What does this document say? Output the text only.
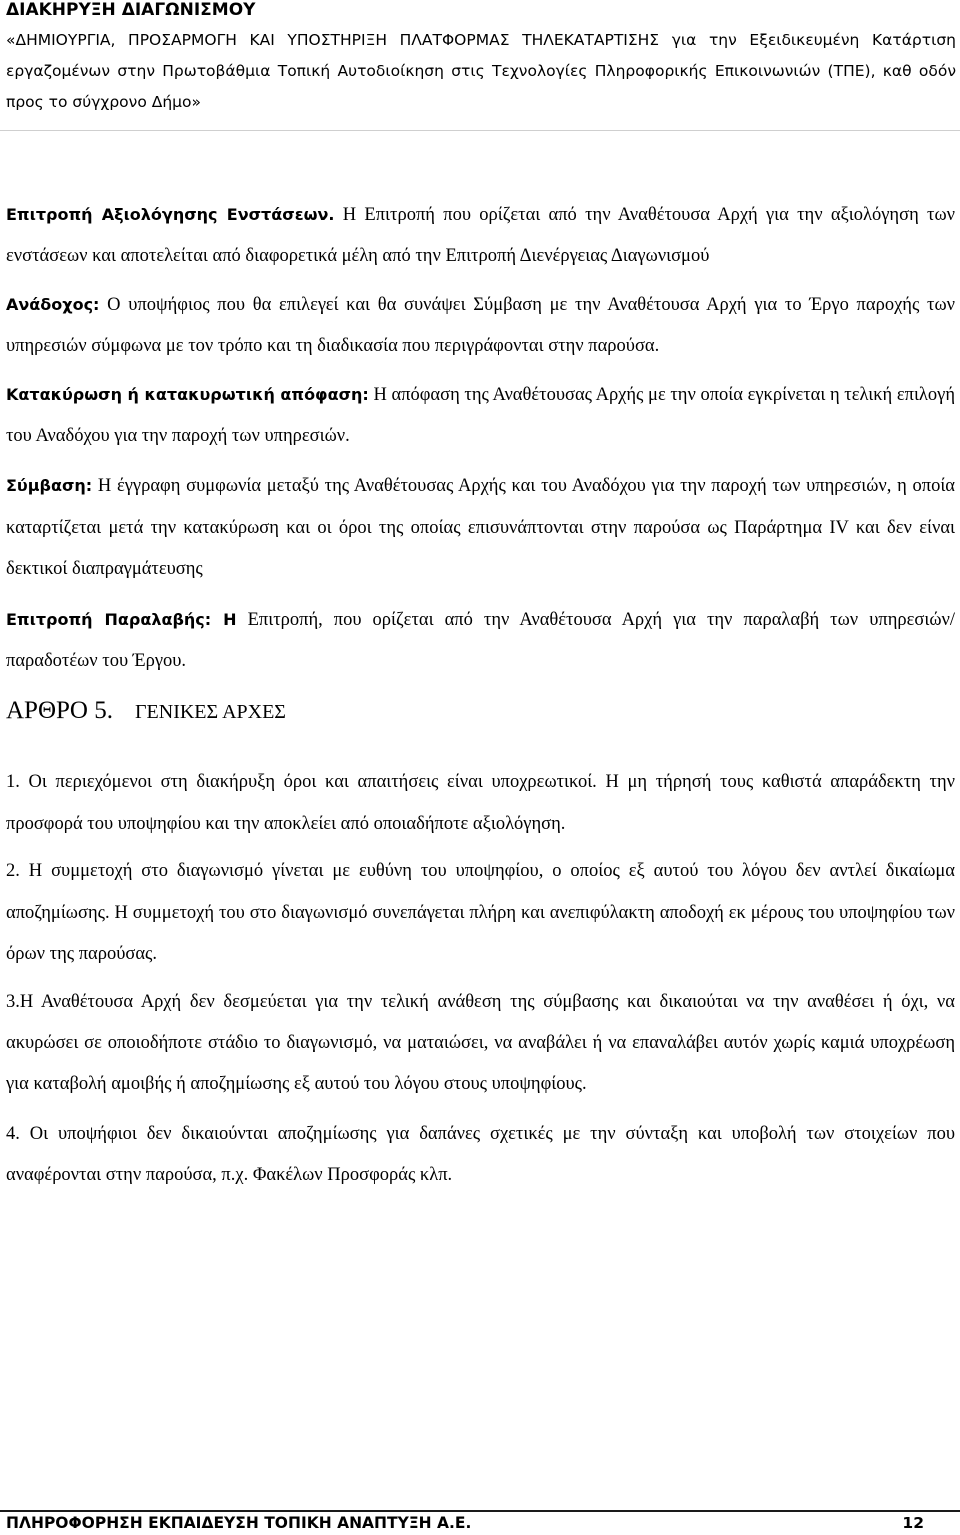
ΔΙΑΚΗΡΥΞΗ ΔΙΑΓΩΝΙΣΜΟΥ
«ΔΗΜΙΟΥΡΓΙΑ, ΠΡΟΣΑΡΜΟΓΗ ΚΑΙ ΥΠΟΣΤΗΡΙΞΗ ΠΛΑΤΦΟΡΜΑΣ ΤΗΛΕΚΑΤΑΡΤΙΣΗΣ για την Εξειδικευμένη Κατάρτιση εργαζομένων στην Πρωτοβάθμια Τοπική Αυτοδιοίκηση στις Τεχνολογίες Πληροφορικής Επικοινωνιών (ΤΠΕ), καθ οδόν προς το σύγχρονο Δήμο»

Επιτροπή Αξιολόγησης Ενστάσεων. Η Επιτροπή που ορίζεται από την Αναθέτουσα Αρχή για την αξιολόγηση των ενστάσεων και αποτελείται από διαφορετικά μέλη από την Επιτροπή Διενέργειας Διαγωνισμού

Ανάδοχος: Ο υποψήφιος που θα επιλεγεί και θα συνάψει Σύμβαση με την Αναθέτουσα Αρχή για το Έργο παροχής των υπηρεσιών σύμφωνα με τον τρόπο και τη διαδικασία που περιγράφονται στην παρούσα.

Κατακύρωση ή κατακυρωτική απόφαση: Η απόφαση της Αναθέτουσας Αρχής με την οποία εγκρίνεται η τελική επιλογή του Αναδόχου για την παροχή των υπηρεσιών.

Σύμβαση: Η έγγραφη συμφωνία μεταξύ της Αναθέτουσας Αρχής και του Αναδόχου για την παροχή των υπηρεσιών, η οποία καταρτίζεται μετά την κατακύρωση και οι όροι της οποίας επισυνάπτονται στην παρούσα ως Παράρτημα IV και δεν είναι δεκτικοί διαπραγμάτευσης

Επιτροπή Παραλαβής: Η Επιτροπή, που ορίζεται από την Αναθέτουσα Αρχή για την παραλαβή των υπηρεσιών/παραδοτέων του Έργου.

ΑΡΘΡΟ 5. ΓΕΝΙΚΕΣ ΑΡΧΕΣ

1. Οι περιεχόμενοι στη διακήρυξη όροι και απαιτήσεις είναι υποχρεωτικοί. Η μη τήρησή τους καθιστά απαράδεκτη την προσφορά του υποψηφίου και την αποκλείει από οποιαδήποτε αξιολόγηση.

2. Η συμμετοχή στο διαγωνισμό γίνεται με ευθύνη του υποψηφίου, ο οποίος εξ αυτού του λόγου δεν αντλεί δικαίωμα αποζημίωσης. Η συμμετοχή του στο διαγωνισμό συνεπάγεται πλήρη και ανεπιφύλακτη αποδοχή εκ μέρους του υποψηφίου των όρων της παρούσας.

3.Η Αναθέτουσα Αρχή δεν δεσμεύεται για την τελική ανάθεση της σύμβασης και δικαιούται να την αναθέσει ή όχι, να ακυρώσει σε οποιοδήποτε στάδιο το διαγωνισμό, να ματαιώσει, να αναβάλει ή να επαναλάβει αυτόν χωρίς καμιά υποχρέωση για καταβολή αμοιβής ή αποζημίωσης εξ αυτού του λόγου στους υποψηφίους.

4. Οι υποψήφιοι δεν δικαιούνται αποζημίωσης για δαπάνες σχετικές με την σύνταξη και υποβολή των στοιχείων που αναφέρονται στην παρούσα, π.χ. Φακέλων Προσφοράς κλπ.

ΠΛΗΡΟΦΟΡΗΣΗ ΕΚΠΑΙΔΕΥΣΗ ΤΟΠΙΚΗ ΑΝΑΠΤΥΞΗ Α.Ε.	12
